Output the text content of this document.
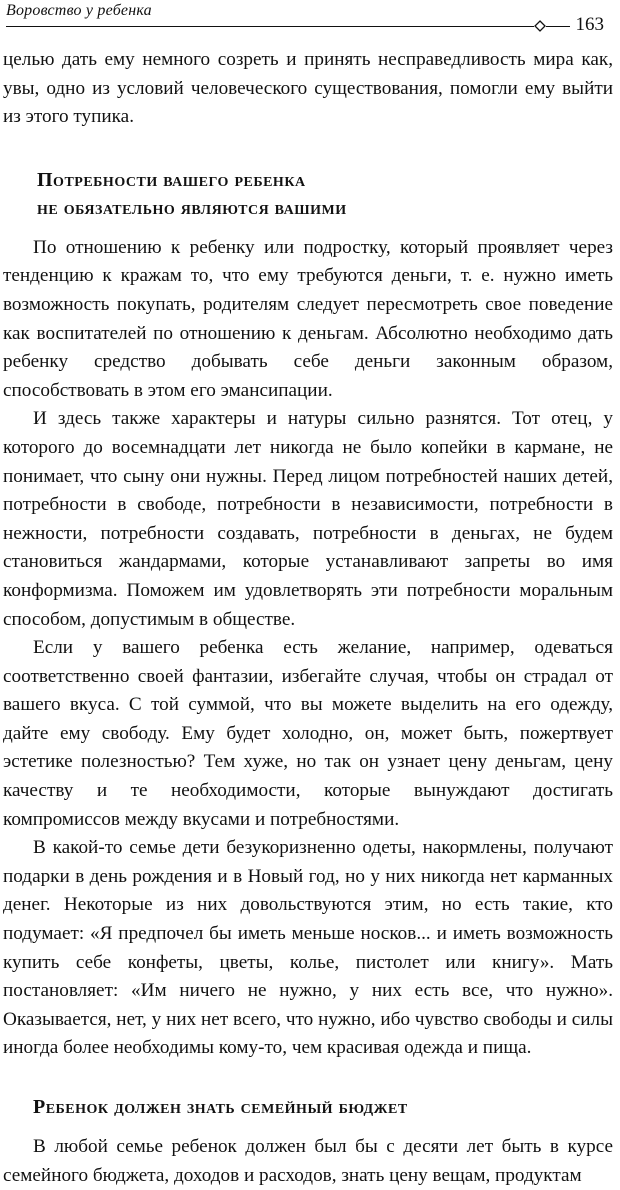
Воровство у ребенка
163

целью дать ему немного созреть и принять несправедливость мира как, увы, одно из условий человеческого существования, помогли ему выйти из этого тупика.

Потребности вашего ребенка
не обязательно являются вашими

По отношению к ребенку или подростку, который проявляет через тенденцию к кражам то, что ему требуются деньги, т. е. нужно иметь возможность покупать, родителям следует пересмотреть свое поведение как воспитателей по отношению к деньгам. Абсолютно необходимо дать ребенку средство добывать себе деньги законным образом, способствовать в этом его эмансипации.

И здесь также характеры и натуры сильно разнятся. Тот отец, у которого до восемнадцати лет никогда не было копейки в кармане, не понимает, что сыну они нужны. Перед лицом потребностей наших детей, потребности в свободе, потребности в независимости, потребности в нежности, потребности создавать, потребности в деньгах, не будем становиться жандармами, которые устанавливают запреты во имя конформизма. Поможем им удовлетворять эти потребности моральным способом, допустимым в обществе.

Если у вашего ребенка есть желание, например, одеваться соответственно своей фантазии, избегайте случая, чтобы он страдал от вашего вкуса. С той суммой, что вы можете выделить на его одежду, дайте ему свободу. Ему будет холодно, он, может быть, пожертвует эстетике полезностью? Тем хуже, но так он узнает цену деньгам, цену качеству и те необходимости, которые вынуждают достигать компромиссов между вкусами и потребностями.

В какой-то семье дети безукоризненно одеты, накормлены, получают подарки в день рождения и в Новый год, но у них никогда нет карманных денег. Некоторые из них довольствуются этим, но есть такие, кто подумает: «Я предпочел бы иметь меньше носков... и иметь возможность купить себе конфеты, цветы, колье, пистолет или книгу». Мать постановляет: «Им ничего не нужно, у них есть все, что нужно». Оказывается, нет, у них нет всего, что нужно, ибо чувство свободы и силы иногда более необходимы кому-то, чем красивая одежда и пища.

Ребенок должен знать семейный бюджет

В любой семье ребенок должен был бы с десяти лет быть в курсе семейного бюджета, доходов и расходов, знать цену вещам, продуктам
